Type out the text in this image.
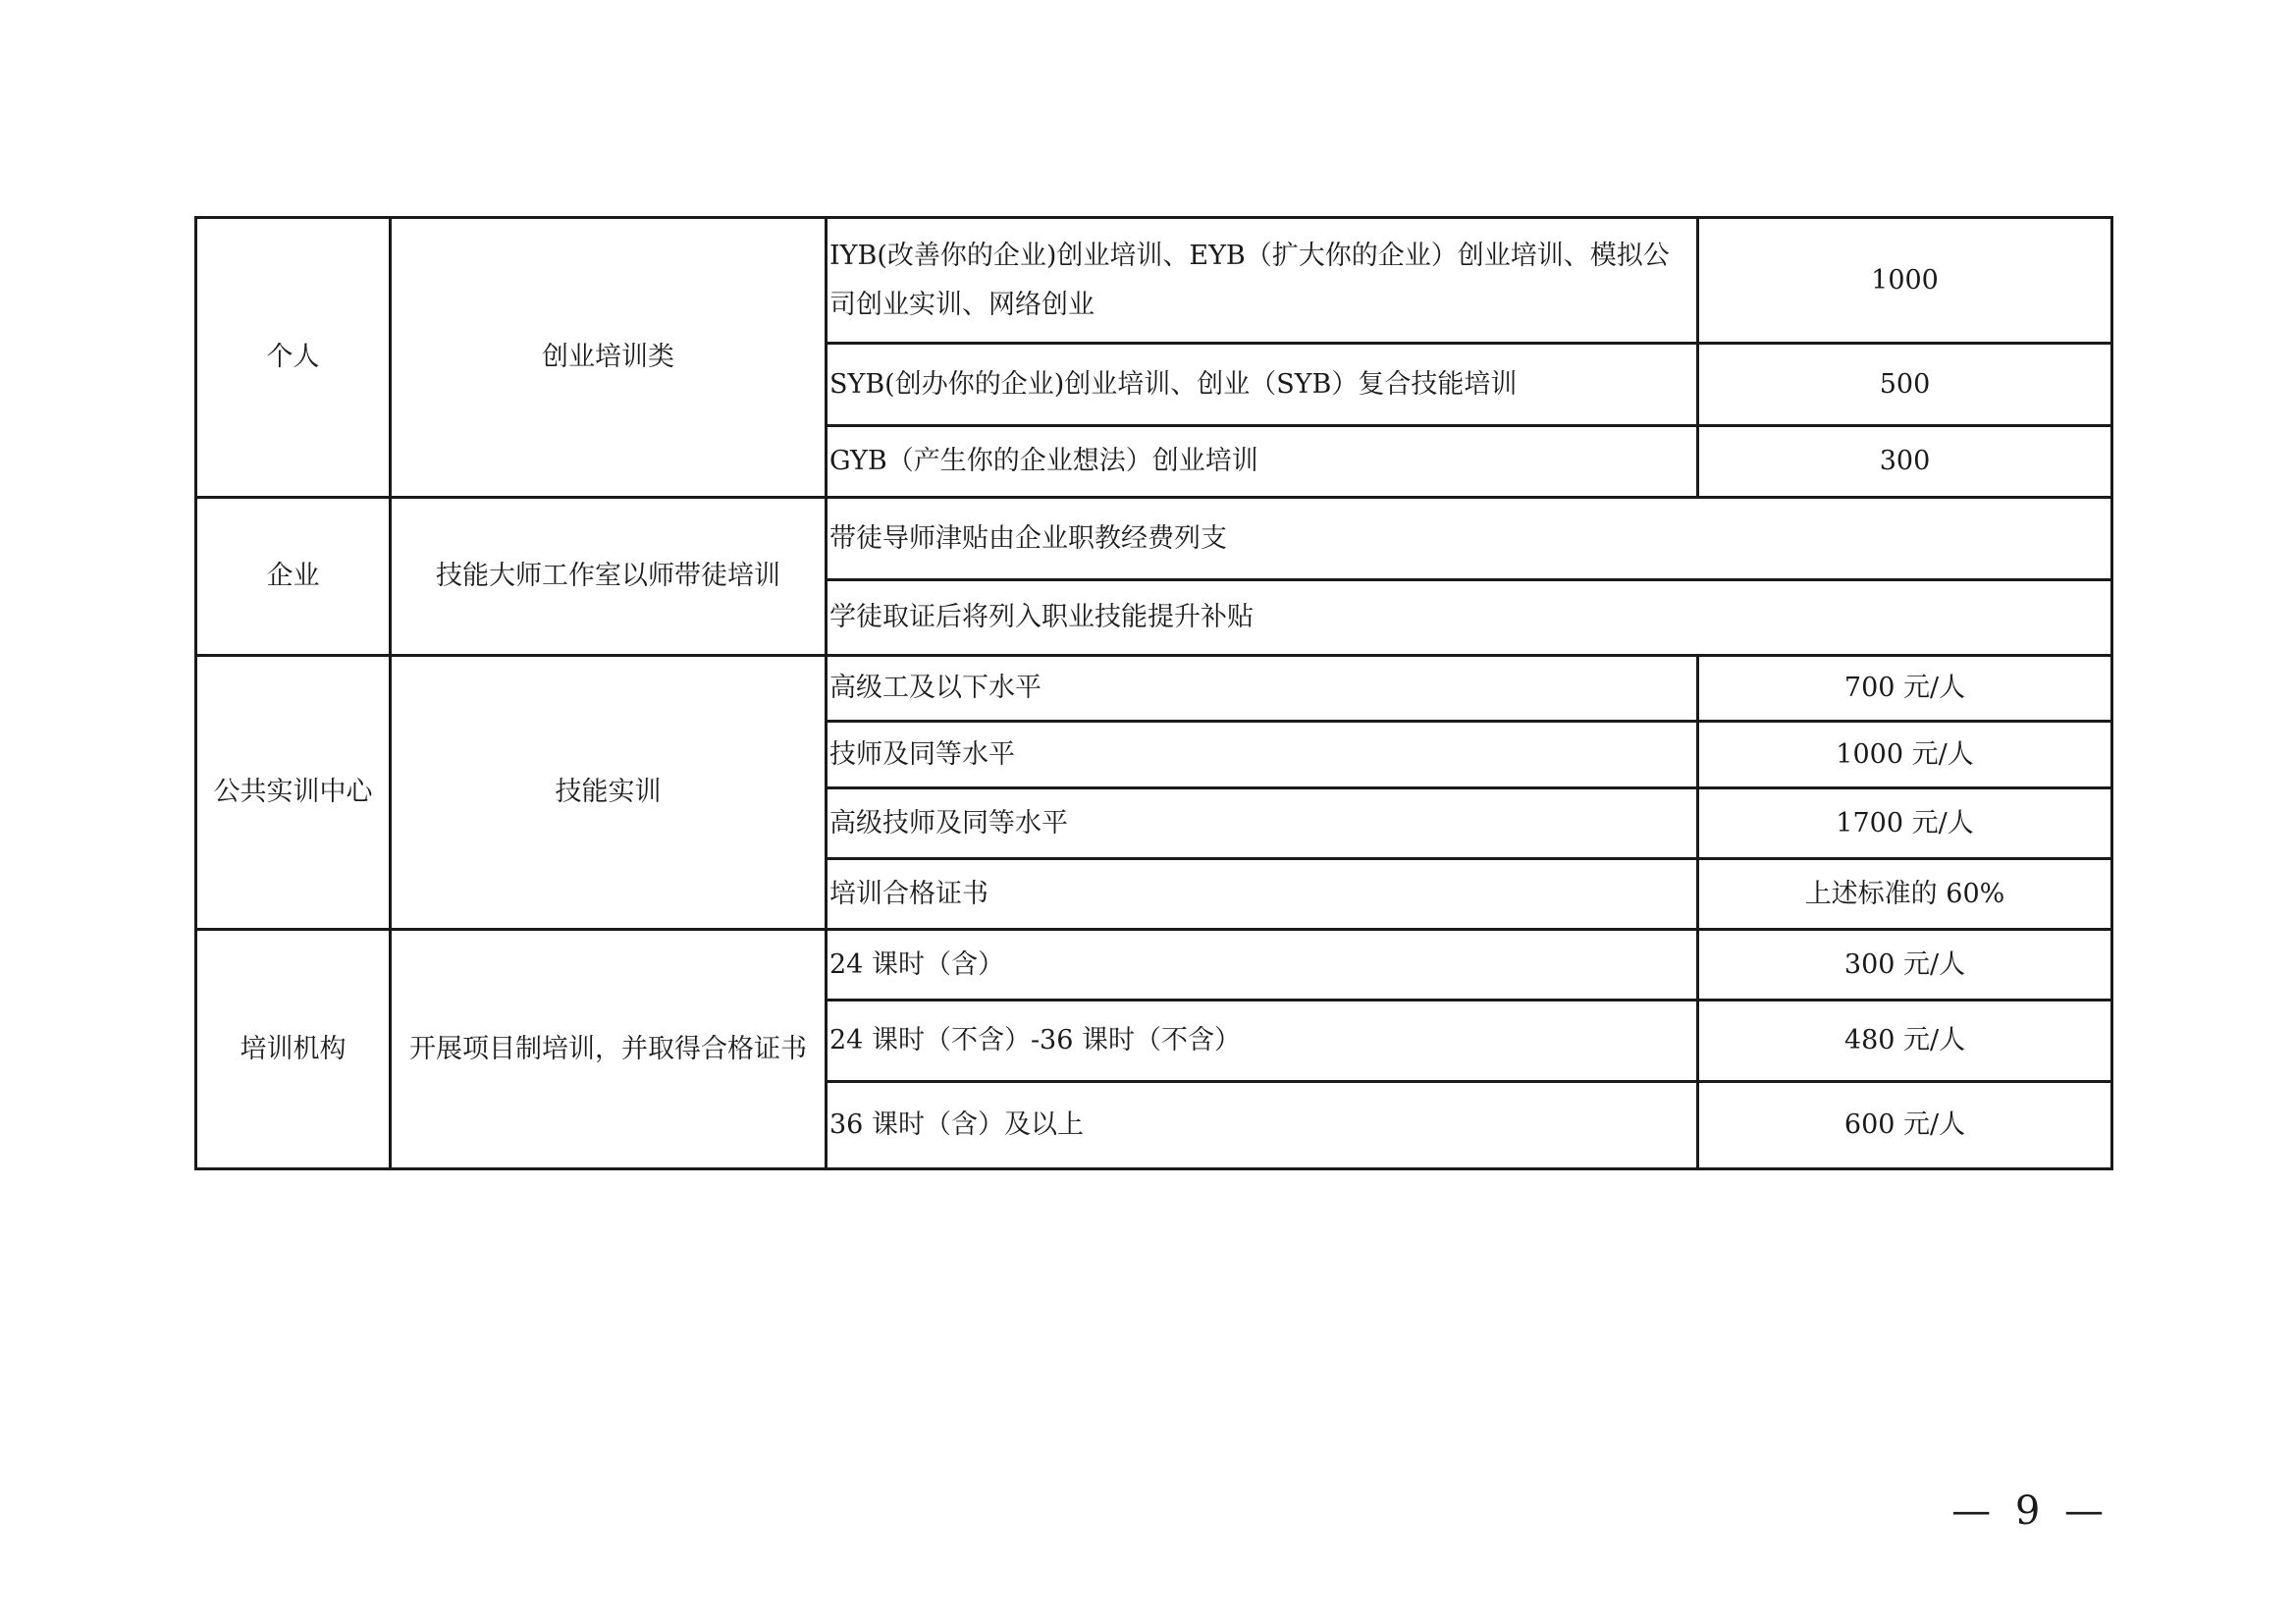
个人	创业培训类	IYB(改善你的企业)创业培训、EYB（扩大你的企业）创业培训、模拟公司创业实训、网络创业	1000
		SYB(创办你的企业)创业培训、创业（SYB）复合技能培训	500
		GYB（产生你的企业想法）创业培训	300
企业	技能大师工作室以师带徒培训	带徒导师津贴由企业职教经费列支	
		学徒取证后将列入职业技能提升补贴	
公共实训中心	技能实训	高级工及以下水平	700 元/人
		技师及同等水平	1000 元/人
		高级技师及同等水平	1700 元/人
		培训合格证书	上述标准的 60%
培训机构	开展项目制培训，并取得合格证书	24 课时（含）	300 元/人
		24 课时（不含）-36 课时（不含）	480 元/人
		36 课时（含）及以上	600 元/人
— 9 —
